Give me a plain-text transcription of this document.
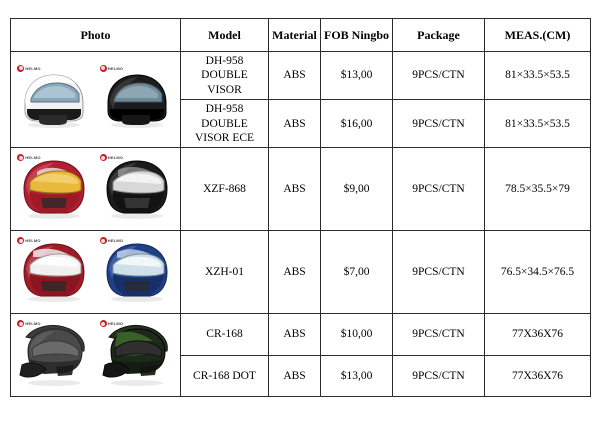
Photo	Model	Material	FOB Ningbo	Package	MEAS.(CM)

HELMO HELMO	DH-958 DOUBLE VISOR	ABS	$13,00	9PCS/CTN	81×33.5×53.5
	DH-958 DOUBLE VISOR ECE	ABS	$16,00	9PCS/CTN	81×33.5×53.5

HELMO HELMO	XZF-868	ABS	$9,00	9PCS/CTN	78.5×35.5×79

HELMO HELMO	XZH-01	ABS	$7,00	9PCS/CTN	76.5×34.5×76.5

HELMO HELMO	CR-168	ABS	$10,00	9PCS/CTN	77X36X76
	CR-168 DOT	ABS	$13,00	9PCS/CTN	77X36X76
